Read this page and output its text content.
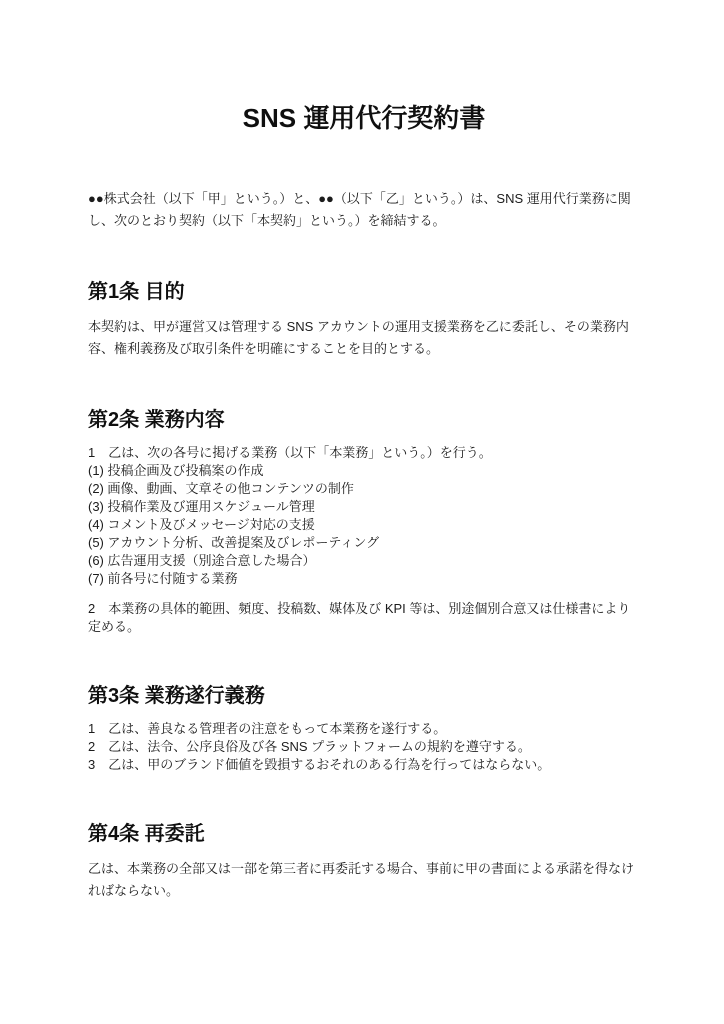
SNS 運用代行契約書

●●株式会社（以下「甲」という。）と、●●（以下「乙」という。）は、SNS 運用代行業務に関し、次のとおり契約（以下「本契約」という。）を締結する。

第1条 目的

本契約は、甲が運営又は管理する SNS アカウントの運用支援業務を乙に委託し、その業務内容、権利義務及び取引条件を明確にすることを目的とする。

第2条 業務内容

1　乙は、次の各号に掲げる業務（以下「本業務」という。）を行う。

(1) 投稿企画及び投稿案の作成

(2) 画像、動画、文章その他コンテンツの制作

(3) 投稿作業及び運用スケジュール管理

(4) コメント及びメッセージ対応の支援

(5) アカウント分析、改善提案及びレポーティング

(6) 広告運用支援（別途合意した場合）

(7) 前各号に付随する業務

2　本業務の具体的範囲、頻度、投稿数、媒体及び KPI 等は、別途個別合意又は仕様書により定める。

第3条 業務遂行義務

1　乙は、善良なる管理者の注意をもって本業務を遂行する。

2　乙は、法令、公序良俗及び各 SNS プラットフォームの規約を遵守する。

3　乙は、甲のブランド価値を毀損するおそれのある行為を行ってはならない。

第4条 再委託

乙は、本業務の全部又は一部を第三者に再委託する場合、事前に甲の書面による承諾を得なければならない。
